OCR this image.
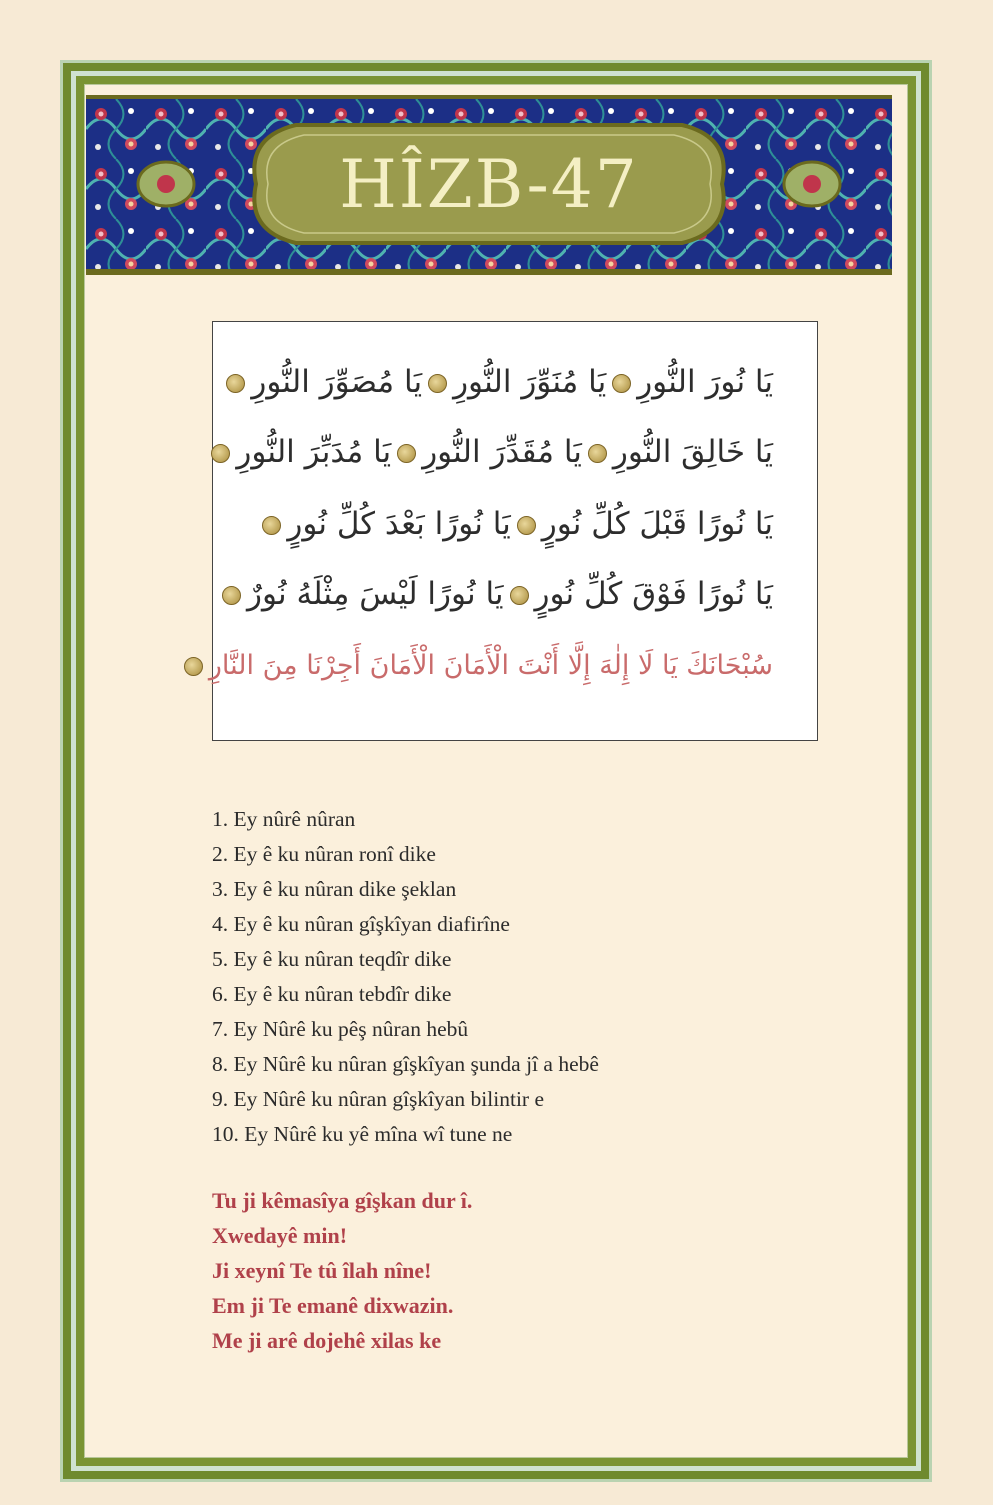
HÎZB-47
يَا نُورَ النُّورِيَا مُنَوِّرَ النُّورِيَا مُصَوِّرَ النُّورِ
يَا خَالِقَ النُّورِيَا مُقَدِّرَ النُّورِيَا مُدَبِّرَ النُّورِ
يَا نُورًا قَبْلَ كُلِّ نُورٍيَا نُورًا بَعْدَ كُلِّ نُورٍ
يَا نُورًا فَوْقَ كُلِّ نُورٍيَا نُورًا لَيْسَ مِثْلَهُ نُورٌ
سُبْحَانَكَ يَا لَا إِلٰهَ إِلَّا أَنْتَ الْأَمَانَ الْأَمَانَ أَجِرْنَا مِنَ النَّارِ
1. Ey nûrê nûran
2. Ey ê ku nûran ronî dike
3. Ey ê ku nûran dike şeklan
4. Ey ê ku nûran gîşkîyan diafirîne
5. Ey ê ku nûran teqdîr dike
6. Ey ê ku nûran tebdîr dike
7. Ey Nûrê ku pêş nûran hebû
8. Ey Nûrê ku nûran gîşkîyan şunda jî a hebê
9. Ey Nûrê ku nûran gîşkîyan bilintir e
10. Ey Nûrê ku yê mîna wî tune ne
Tu ji kêmasîya gîşkan dur î.
Xwedayê min!
Ji xeynî Te tû îlah nîne!
Em ji Te emanê dixwazin.
Me ji arê dojehê xilas ke
